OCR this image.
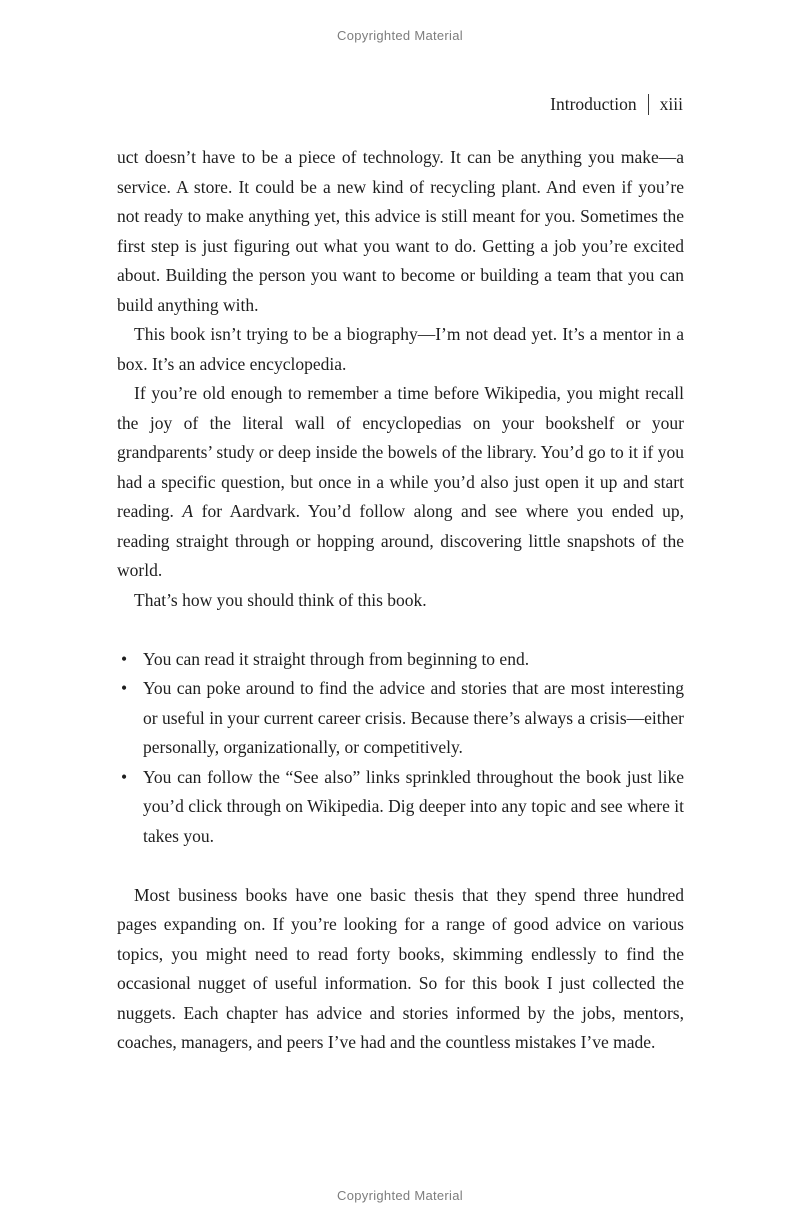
Copyrighted Material
Introduction xiii

uct doesn’t have to be a piece of technology. It can be anything you make—a service. A store. It could be a new kind of recycling plant. And even if you’re not ready to make anything yet, this advice is still meant for you. Sometimes the first step is just figuring out what you want to do. Getting a job you’re excited about. Building the person you want to become or building a team that you can build anything with.

This book isn’t trying to be a biography—I’m not dead yet. It’s a mentor in a box. It’s an advice encyclopedia.

If you’re old enough to remember a time before Wikipedia, you might recall the joy of the literal wall of encyclopedias on your bookshelf or your grandparents’ study or deep inside the bowels of the library. You’d go to it if you had a specific question, but once in a while you’d also just open it up and start reading. A for Aardvark. You’d follow along and see where you ended up, reading straight through or hopping around, discovering little snapshots of the world.

That’s how you should think of this book.

• You can read it straight through from beginning to end.
• You can poke around to find the advice and stories that are most interesting or useful in your current career crisis. Because there’s always a crisis—either personally, organizationally, or competitively.
• You can follow the “See also” links sprinkled throughout the book just like you’d click through on Wikipedia. Dig deeper into any topic and see where it takes you.

Most business books have one basic thesis that they spend three hundred pages expanding on. If you’re looking for a range of good advice on various topics, you might need to read forty books, skimming endlessly to find the occasional nugget of useful information. So for this book I just collected the nuggets. Each chapter has advice and stories informed by the jobs, mentors, coaches, managers, and peers I’ve had and the countless mistakes I’ve made.

Copyrighted Material
